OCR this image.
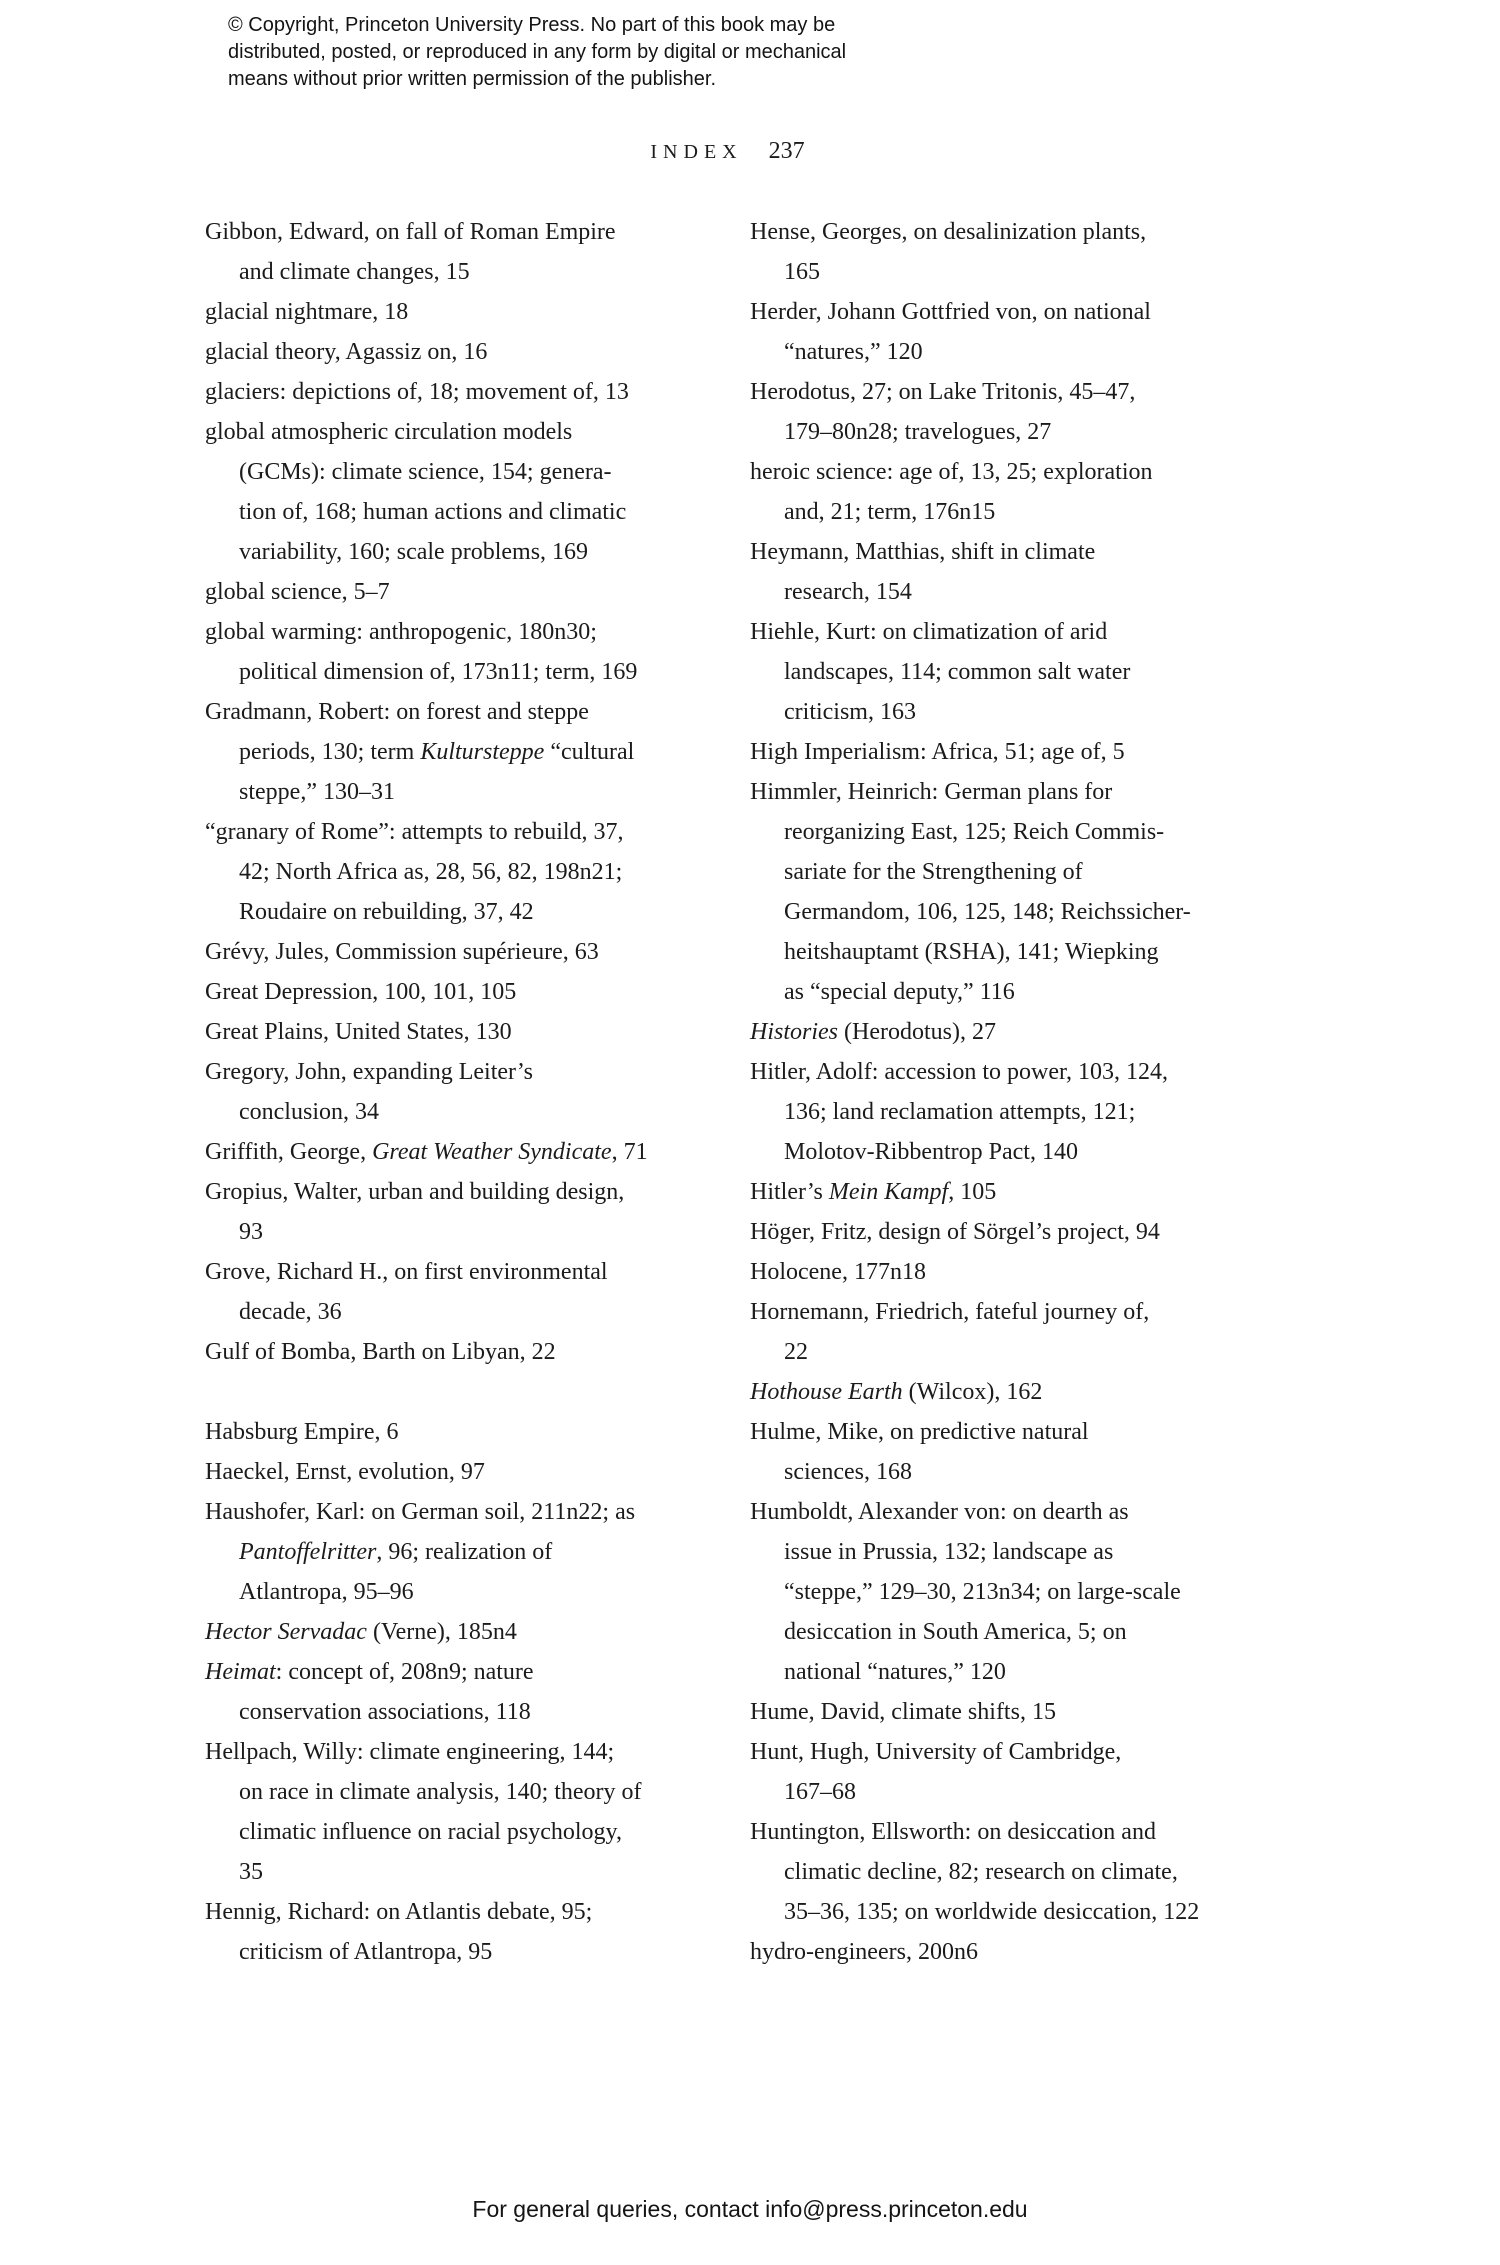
© Copyright, Princeton University Press. No part of this book may be
distributed, posted, or reproduced in any form by digital or mechanical
means without prior written permission of the publisher.
INDEX 237
Gibbon, Edward, on fall of Roman Empire
and climate changes, 15
glacial nightmare, 18
glacial theory, Agassiz on, 16
glaciers: depictions of, 18; movement of, 13
global atmospheric circulation models
(GCMs): climate science, 154; genera-
tion of, 168; human actions and climatic
variability, 160; scale problems, 169
global science, 5–7
global warming: anthropogenic, 180n30;
political dimension of, 173n11; term, 169
Gradmann, Robert: on forest and steppe
periods, 130; term Kultursteppe “cultural
steppe,” 130–31
“granary of Rome”: attempts to rebuild, 37,
42; North Africa as, 28, 56, 82, 198n21;
Roudaire on rebuilding, 37, 42
Grévy, Jules, Commission supérieure, 63
Great Depression, 100, 101, 105
Great Plains, United States, 130
Gregory, John, expanding Leiter’s
conclusion, 34
Griffith, George, Great Weather Syndicate, 71
Gropius, Walter, urban and building design,
93
Grove, Richard H., on first environmental
decade, 36
Gulf of Bomba, Barth on Libyan, 22
Habsburg Empire, 6
Haeckel, Ernst, evolution, 97
Haushofer, Karl: on German soil, 211n22; as
Pantoffelritter, 96; realization of
Atlantropa, 95–96
Hector Servadac (Verne), 185n4
Heimat: concept of, 208n9; nature
conservation associations, 118
Hellpach, Willy: climate engineering, 144;
on race in climate analysis, 140; theory of
climatic influence on racial psychology,
35
Hennig, Richard: on Atlantis debate, 95;
criticism of Atlantropa, 95
Hense, Georges, on desalinization plants,
165
Herder, Johann Gottfried von, on national
“natures,” 120
Herodotus, 27; on Lake Tritonis, 45–47,
179–80n28; travelogues, 27
heroic science: age of, 13, 25; exploration
and, 21; term, 176n15
Heymann, Matthias, shift in climate
research, 154
Hiehle, Kurt: on climatization of arid
landscapes, 114; common salt water
criticism, 163
High Imperialism: Africa, 51; age of, 5
Himmler, Heinrich: German plans for
reorganizing East, 125; Reich Commis-
sariate for the Strengthening of
Germandom, 106, 125, 148; Reichssicher-
heitshauptamt (RSHA), 141; Wiepking
as “special deputy,” 116
Histories (Herodotus), 27
Hitler, Adolf: accession to power, 103, 124,
136; land reclamation attempts, 121;
Molotov-Ribbentrop Pact, 140
Hitler’s Mein Kampf, 105
Höger, Fritz, design of Sörgel’s project, 94
Holocene, 177n18
Hornemann, Friedrich, fateful journey of,
22
Hothouse Earth (Wilcox), 162
Hulme, Mike, on predictive natural
sciences, 168
Humboldt, Alexander von: on dearth as
issue in Prussia, 132; landscape as
“steppe,” 129–30, 213n34; on large-scale
desiccation in South America, 5; on
national “natures,” 120
Hume, David, climate shifts, 15
Hunt, Hugh, University of Cambridge,
167–68
Huntington, Ellsworth: on desiccation and
climatic decline, 82; research on climate,
35–36, 135; on worldwide desiccation, 122
hydro-engineers, 200n6
For general queries, contact info@press.princeton.edu
